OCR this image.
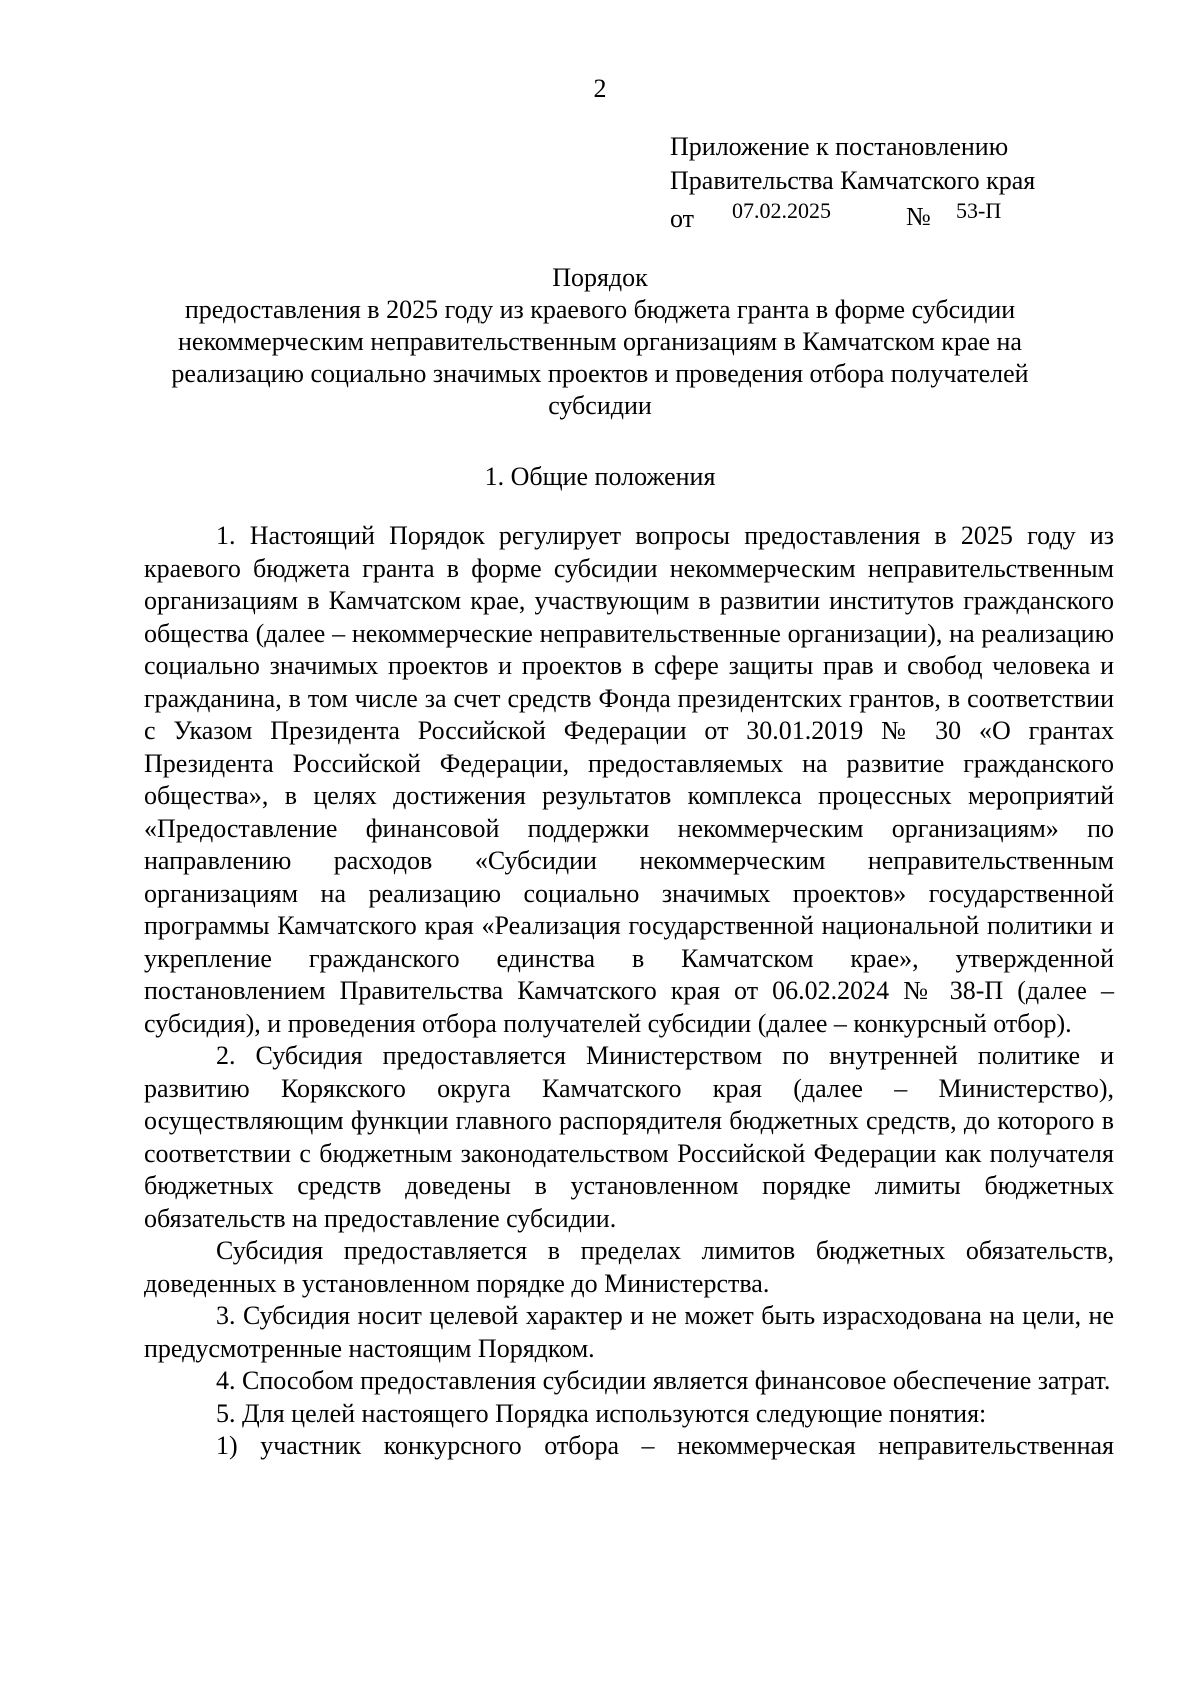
2
Приложение к постановлению
Правительства Камчатского края
от 07.02.2025	№ 53-П
Порядок
предоставления в 2025 году из краевого бюджета гранта в форме субсидии
некоммерческим неправительственным организациям в Камчатском крае на
реализацию социально значимых проектов и проведения отбора получателей
субсидии
1. Общие положения

1. Настоящий Порядок регулирует вопросы предоставления в 2025 году из краевого бюджета гранта в форме субсидии некоммерческим неправительственным организациям в Камчатском крае, участвующим в развитии институтов гражданского общества (далее – некоммерческие неправительственные организации), на реализацию социально значимых проектов и проектов в сфере защиты прав и свобод человека и гражданина, в том числе за счет средств Фонда президентских грантов, в соответствии с Указом Президента Российской Федерации от 30.01.2019 № 30 «О грантах Президента Российской Федерации, предоставляемых на развитие гражданского общества», в целях достижения результатов комплекса процессных мероприятий «Предоставление финансовой поддержки некоммерческим организациям» по направлению расходов «Субсидии некоммерческим неправительственным организациям на реализацию социально значимых проектов» государственной программы Камчатского края «Реализация государственной национальной политики и укрепление гражданского единства в Камчатском крае», утвержденной постановлением Правительства Камчатского края от 06.02.2024 № 38-П (далее – субсидия), и проведения отбора получателей субсидии (далее – конкурсный отбор).

2. Субсидия предоставляется Министерством по внутренней политике и развитию Корякского округа Камчатского края (далее – Министерство), осуществляющим функции главного распорядителя бюджетных средств, до которого в соответствии с бюджетным законодательством Российской Федерации как получателя бюджетных средств доведены в установленном порядке лимиты бюджетных обязательств на предоставление субсидии.

Субсидия предоставляется в пределах лимитов бюджетных обязательств, доведенных в установленном порядке до Министерства.

3. Субсидия носит целевой характер и не может быть израсходована на цели, не предусмотренные настоящим Порядком.

4. Способом предоставления субсидии является финансовое обеспечение затрат.

5. Для целей настоящего Порядка используются следующие понятия:

1) участник конкурсного отбора – некоммерческая неправительственная
